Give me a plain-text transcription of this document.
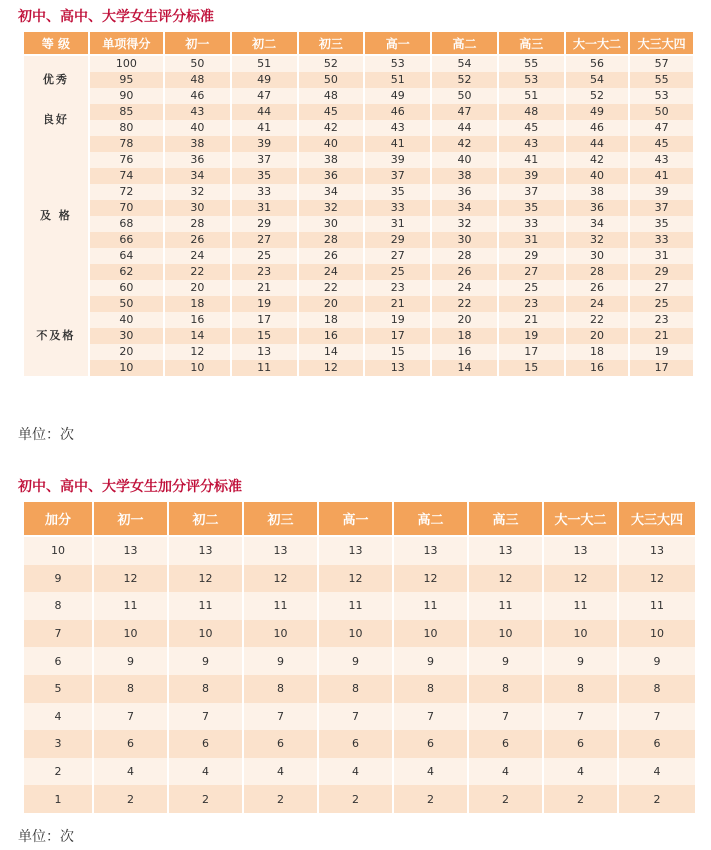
初中、高中、大学女生评分标准
等 级	单项得分	初一	初二	初三	高一	高二	高三	大一大二	大三大四
优秀	100	50	51	52	53	54	55	56	57
	95	48	49	50	51	52	53	54	55
	90	46	47	48	49	50	51	52	53
良好	85	43	44	45	46	47	48	49	50
	80	40	41	42	43	44	45	46	47
及 格	78	38	39	40	41	42	43	44	45
	76	36	37	38	39	40	41	42	43
	74	34	35	36	37	38	39	40	41
	72	32	33	34	35	36	37	38	39
	70	30	31	32	33	34	35	36	37
	68	28	29	30	31	32	33	34	35
	66	26	27	28	29	30	31	32	33
	64	24	25	26	27	28	29	30	31
	62	22	23	24	25	26	27	28	29
	60	20	21	22	23	24	25	26	27
不及格	50	18	19	20	21	22	23	24	25
	40	16	17	18	19	20	21	22	23
	30	14	15	16	17	18	19	20	21
	20	12	13	14	15	16	17	18	19
	10	10	11	12	13	14	15	16	17
单位：次
初中、高中、大学女生加分评分标准
加分	初一	初二	初三	高一	高二	高三	大一大二	大三大四
10	13	13	13	13	13	13	13	13
9	12	12	12	12	12	12	12	12
8	11	11	11	11	11	11	11	11
7	10	10	10	10	10	10	10	10
6	9	9	9	9	9	9	9	9
5	8	8	8	8	8	8	8	8
4	7	7	7	7	7	7	7	7
3	6	6	6	6	6	6	6	6
2	4	4	4	4	4	4	4	4
1	2	2	2	2	2	2	2	2
单位：次
